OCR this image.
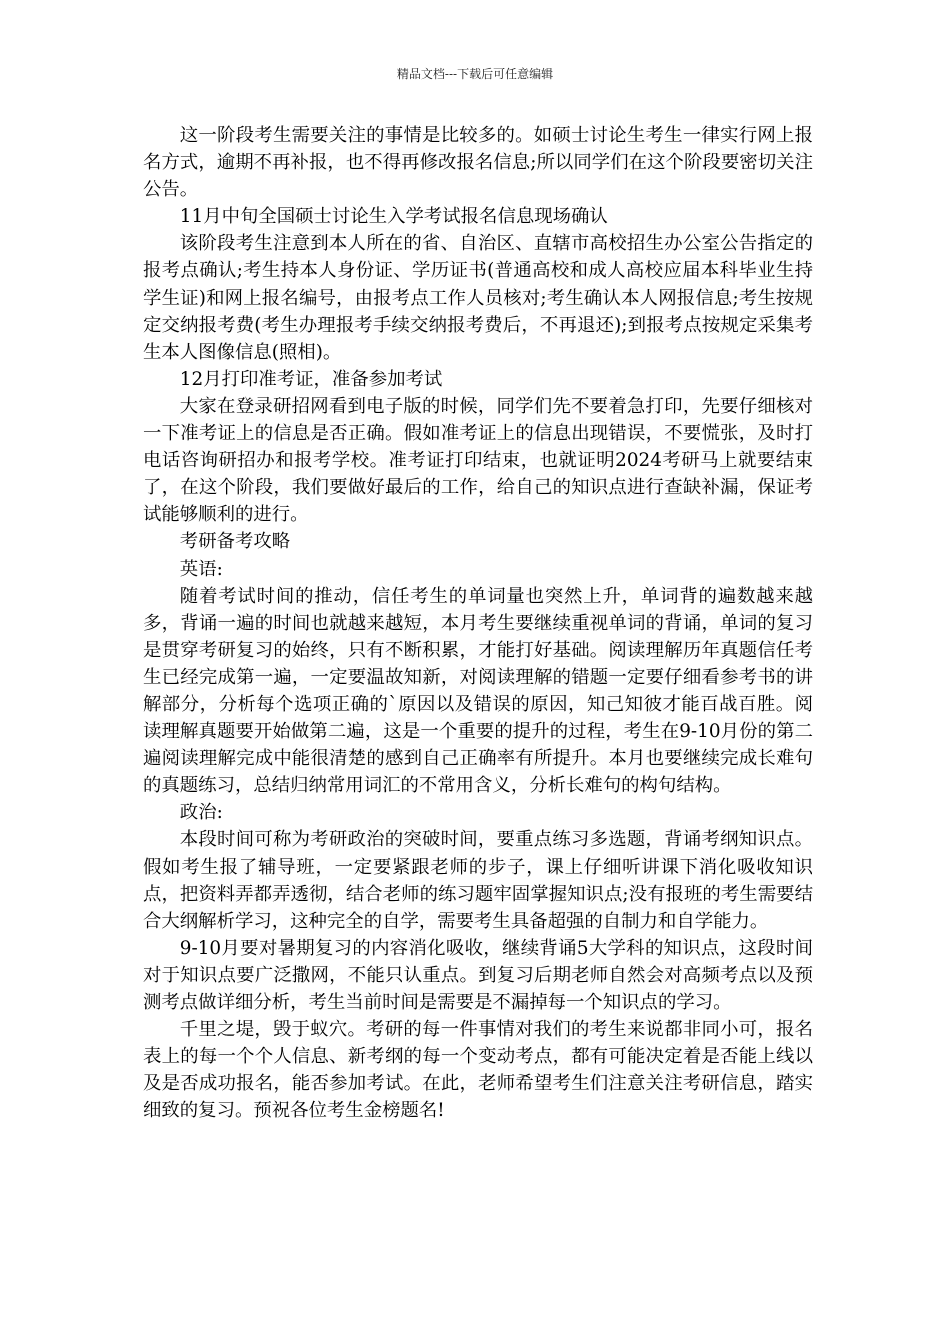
精品文档---下载后可任意编辑

这一阶段考生需要关注的事情是比较多的。如硕士讨论生考生一律实行网上报名方式，逾期不再补报，也不得再修改报名信息;所以同学们在这个阶段要密切关注公告。

11月中旬全国硕士讨论生入学考试报名信息现场确认

该阶段考生注意到本人所在的省、自治区、直辖市高校招生办公室公告指定的报考点确认;考生持本人身份证、学历证书(普通高校和成人高校应届本科毕业生持学生证)和网上报名编号，由报考点工作人员核对;考生确认本人网报信息;考生按规定交纳报考费(考生办理报考手续交纳报考费后，不再退还);到报考点按规定采集考生本人图像信息(照相)。

12月打印准考证，准备参加考试

大家在登录研招网看到电子版的时候，同学们先不要着急打印，先要仔细核对一下准考证上的信息是否正确。假如准考证上的信息出现错误，不要慌张，及时打电话咨询研招办和报考学校。准考证打印结束，也就证明2024考研马上就要结束了，在这个阶段，我们要做好最后的工作，给自己的知识点进行查缺补漏，保证考试能够顺利的进行。

考研备考攻略

英语:

随着考试时间的推动，信任考生的单词量也突然上升，单词背的遍数越来越多，背诵一遍的时间也就越来越短，本月考生要继续重视单词的背诵，单词的复习是贯穿考研复习的始终，只有不断积累，才能打好基础。阅读理解历年真题信任考生已经完成第一遍，一定要温故知新，对阅读理解的错题一定要仔细看参考书的讲解部分，分析每个选项正确的`原因以及错误的原因，知己知彼才能百战百胜。阅读理解真题要开始做第二遍，这是一个重要的提升的过程，考生在9-10月份的第二遍阅读理解完成中能很清楚的感到自己正确率有所提升。本月也要继续完成长难句的真题练习，总结归纳常用词汇的不常用含义，分析长难句的构句结构。

政治:

本段时间可称为考研政治的突破时间，要重点练习多选题，背诵考纲知识点。假如考生报了辅导班，一定要紧跟老师的步子，课上仔细听讲课下消化吸收知识点，把资料弄都弄透彻，结合老师的练习题牢固掌握知识点;没有报班的考生需要结合大纲解析学习，这种完全的自学，需要考生具备超强的自制力和自学能力。

9-10月要对暑期复习的内容消化吸收，继续背诵5大学科的知识点，这段时间对于知识点要广泛撒网，不能只认重点。到复习后期老师自然会对高频考点以及预测考点做详细分析，考生当前时间是需要是不漏掉每一个知识点的学习。

千里之堤，毁于蚁穴。考研的每一件事情对我们的考生来说都非同小可，报名表上的每一个个人信息、新考纲的每一个变动考点，都有可能决定着是否能上线以及是否成功报名，能否参加考试。在此，老师希望考生们注意关注考研信息，踏实细致的复习。预祝各位考生金榜题名!
